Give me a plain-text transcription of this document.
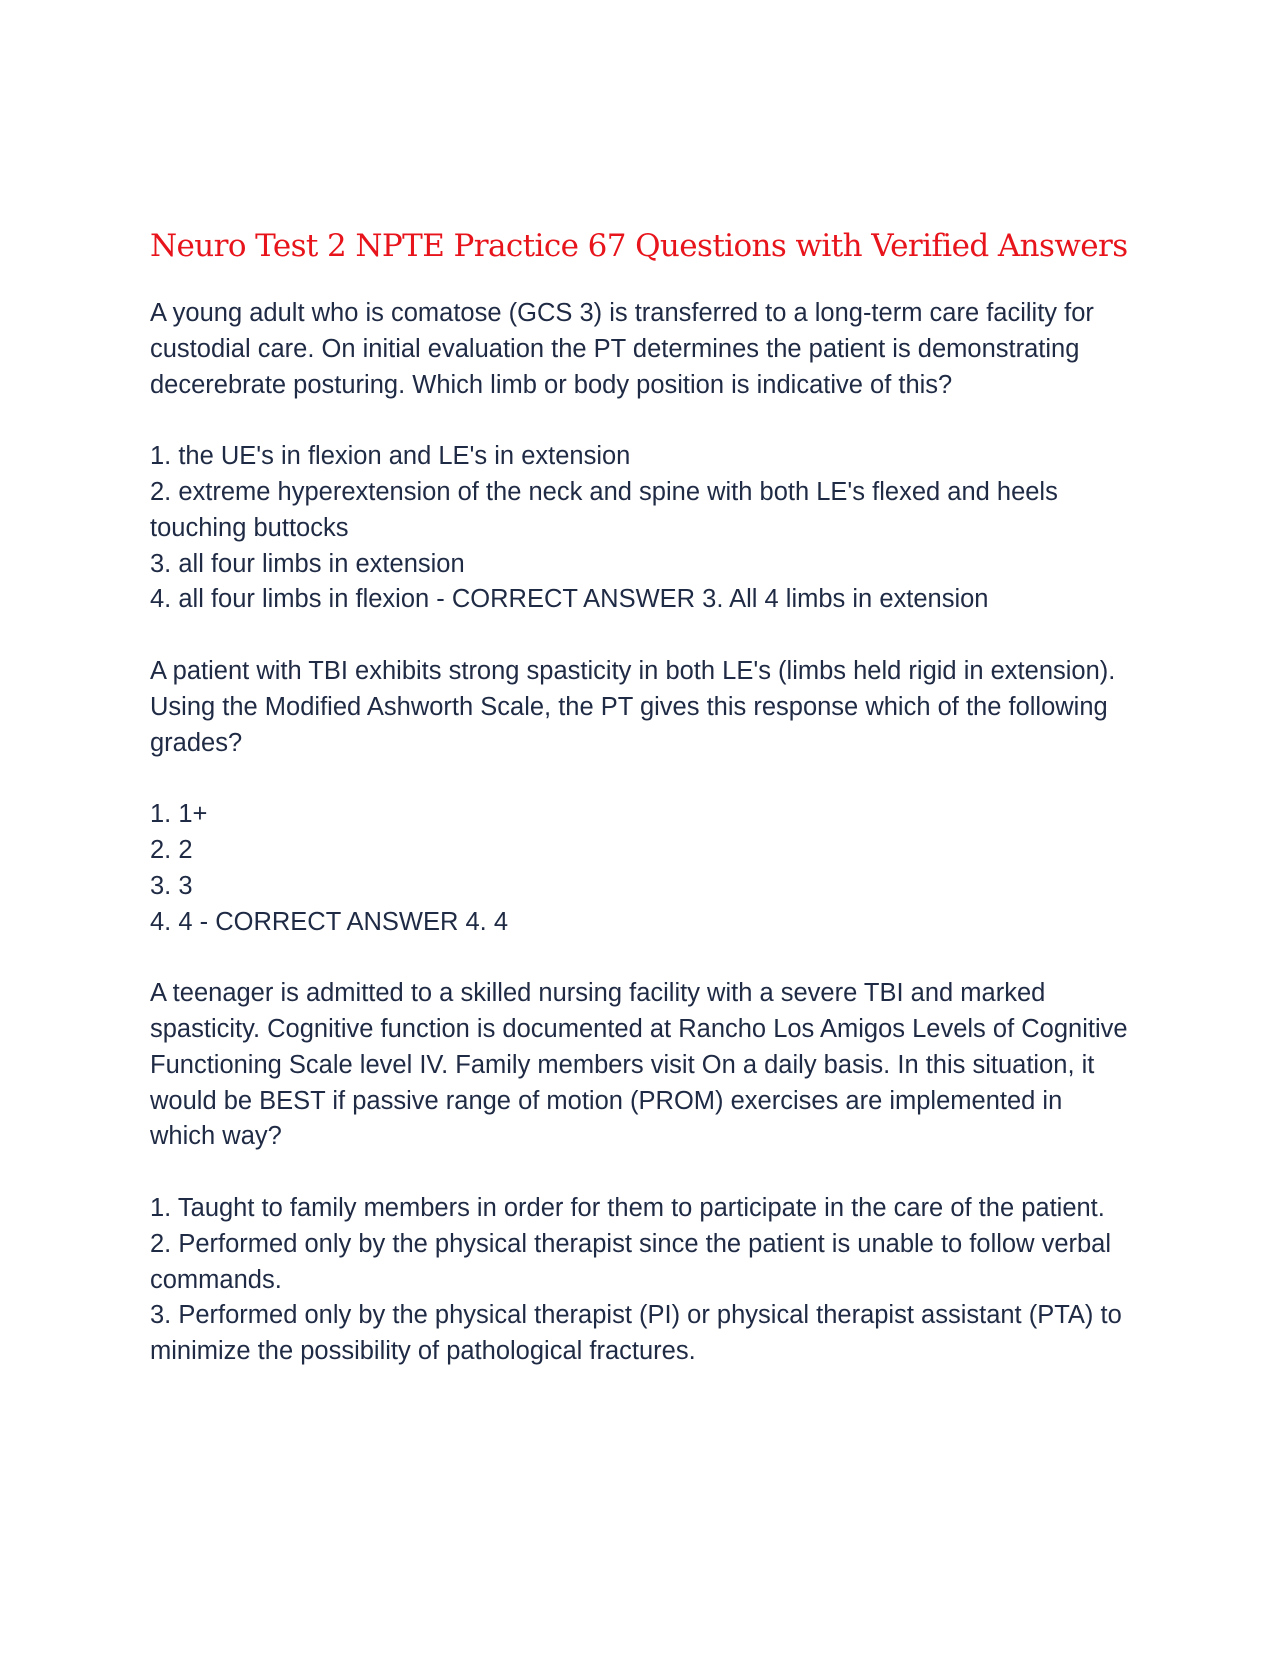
Neuro Test 2 NPTE Practice 67 Questions with Verified Answers

A young adult who is comatose (GCS 3) is transferred to a long-term care facility for custodial care. On initial evaluation the PT determines the patient is demonstrating decerebrate posturing. Which limb or body position is indicative of this?

1. the UE's in flexion and LE's in extension
2. extreme hyperextension of the neck and spine with both LE's flexed and heels touching buttocks
3. all four limbs in extension
4. all four limbs in flexion - CORRECT ANSWER 3. All 4 limbs in extension

A patient with TBI exhibits strong spasticity in both LE's (limbs held rigid in extension). Using the Modified Ashworth Scale, the PT gives this response which of the following grades?

1. 1+
2. 2
3. 3
4. 4 - CORRECT ANSWER 4. 4

A teenager is admitted to a skilled nursing facility with a severe TBI and marked spasticity. Cognitive function is documented at Rancho Los Amigos Levels of Cognitive Functioning Scale level IV. Family members visit On a daily basis. In this situation, it would be BEST if passive range of motion (PROM) exercises are implemented in which way?

1. Taught to family members in order for them to participate in the care of the patient.
2. Performed only by the physical therapist since the patient is unable to follow verbal commands.
3. Performed only by the physical therapist (PI) or physical therapist assistant (PTA) to minimize the possibility of pathological fractures.
